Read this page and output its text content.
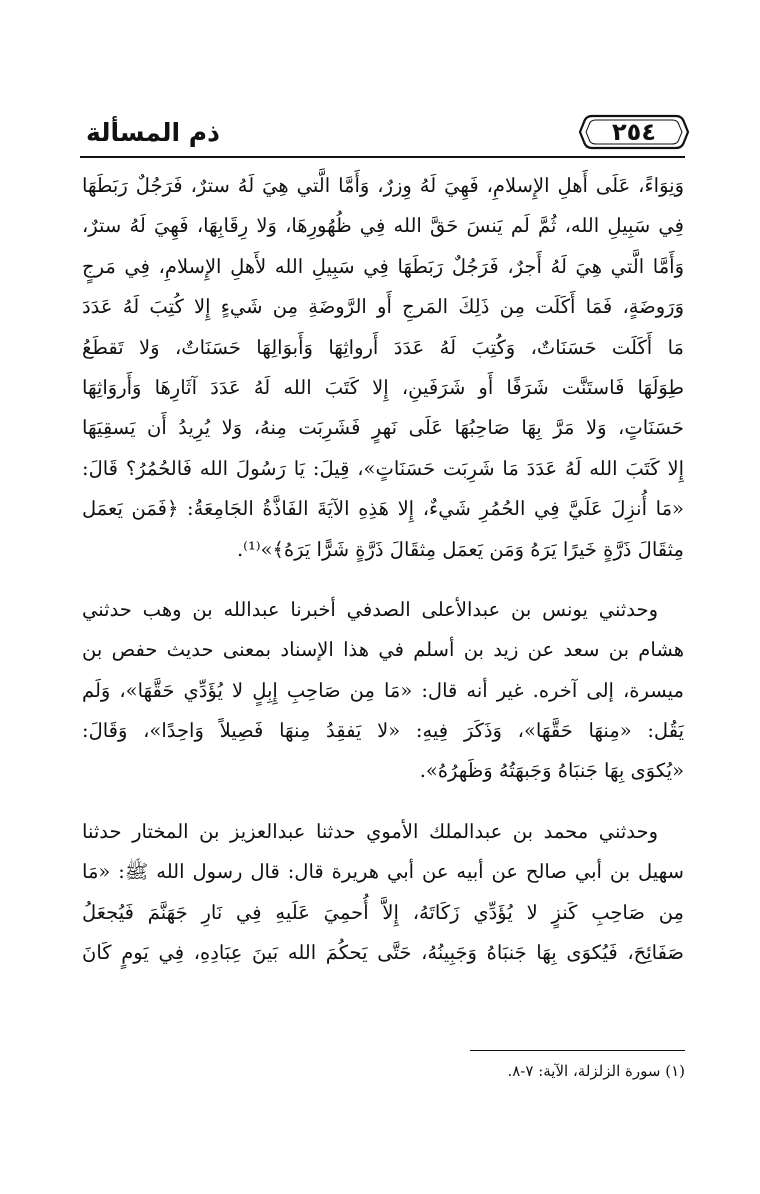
ذم المسألة	٢٥٤
وَنِوَاءً، عَلَى أَهلِ الإِسلامِ، فَهِيَ لَهُ وِزرٌ، وَأَمَّا الَّتي هِيَ لَهُ سترٌ، فَرَجُلٌ رَبَطَهَا
فِي سَبِيلِ الله، ثُمَّ لَم يَنسَ حَقَّ الله فِي ظُهُورِهَا، وَلا رِقَابِهَا، فَهِيَ لَهُ سترٌ،
وَأَمَّا الَّتي هِيَ لَهُ أَجرٌ، فَرَجُلٌ رَبَطَهَا فِي سَبِيلِ الله لأَهلِ الإِسلامِ، فِي مَرجٍ
وَرَوضَةٍ، فَمَا أَكَلَت مِن ذَلِكَ المَرجِ أَو الرَّوضَةِ مِن شَيءٍ إِلا كُتِبَ لَهُ عَدَدَ
مَا أَكَلَت حَسَنَاتٌ، وَكُتِبَ لَهُ عَدَدَ أَرواثِهَا وَأَبوَالِهَا حَسَنَاتٌ، وَلا تَقطَعُ
طِوَلَهَا فَاستَنَّت شَرَفًا أَو شَرَفَينِ، إِلا كَتَبَ الله لَهُ عَدَدَ آثَارِهَا وَأَروَاثِهَا
حَسَنَاتٍ، وَلا مَرَّ بِهَا صَاحِبُهَا عَلَى نَهرٍ فَشَرِبَت مِنهُ، وَلا يُرِيدُ أَن يَسقِيَهَا
إِلا كَتَبَ الله لَهُ عَدَدَ مَا شَرِبَت حَسَنَاتٍ»، قِيلَ: يَا رَسُولَ الله فَالحُمُرُ؟ قَالَ:
«مَا أُنزِلَ عَلَيَّ فِي الحُمُرِ شَيءٌ، إِلا هَذِهِ الآيَةَ الفَاذَّةُ الجَامِعَةُ: ﴿فَمَن يَعمَل
مِثقَالَ ذَرَّةٍ خَيرًا يَرَهُ وَمَن يَعمَل مِثقَالَ ذَرَّةٍ شَرًّا يَرَهُ﴾»⁽¹⁾.
وحدثني يونس بن عبدالأعلى الصدفي أخبرنا عبدالله بن وهب حدثني
هشام بن سعد عن زيد بن أسلم في هذا الإسناد بمعنى حديث حفص بن
ميسرة، إلى آخره. غير أنه قال: «مَا مِن صَاحِبِ إِبِلٍ لا يُؤَدِّي حَقَّهَا»، وَلَم
يَقُل: «مِنهَا حَقَّهَا»، وَذَكَرَ فِيهِ: «لا يَفقِدُ مِنهَا فَصِيلاً وَاحِدًا»، وَقَالَ:
«يُكوَى بِهَا جَنبَاهُ وَجَبهَتُهُ وَظَهرُهُ».
وحدثني محمد بن عبدالملك الأموي حدثنا عبدالعزيز بن المختار حدثنا
سهيل بن أبي صالح عن أبيه عن أبي هريرة قال: قال رسول الله ﷺ: «مَا
مِن صَاحِبِ كَنزٍ لا يُؤَدِّي زَكَاتَهُ، إِلاَّ أُحمِيَ عَلَيهِ فِي نَارِ جَهَنَّمَ فَيُجعَلُ
صَفَائِحَ، فَيُكوَى بِهَا جَنبَاهُ وَجَبِينُهُ، حَتَّى يَحكُمَ الله بَينَ عِبَادِهِ، فِي يَومٍ كَانَ
(١) سورة الزلزلة، الآية: ٧-٨.
